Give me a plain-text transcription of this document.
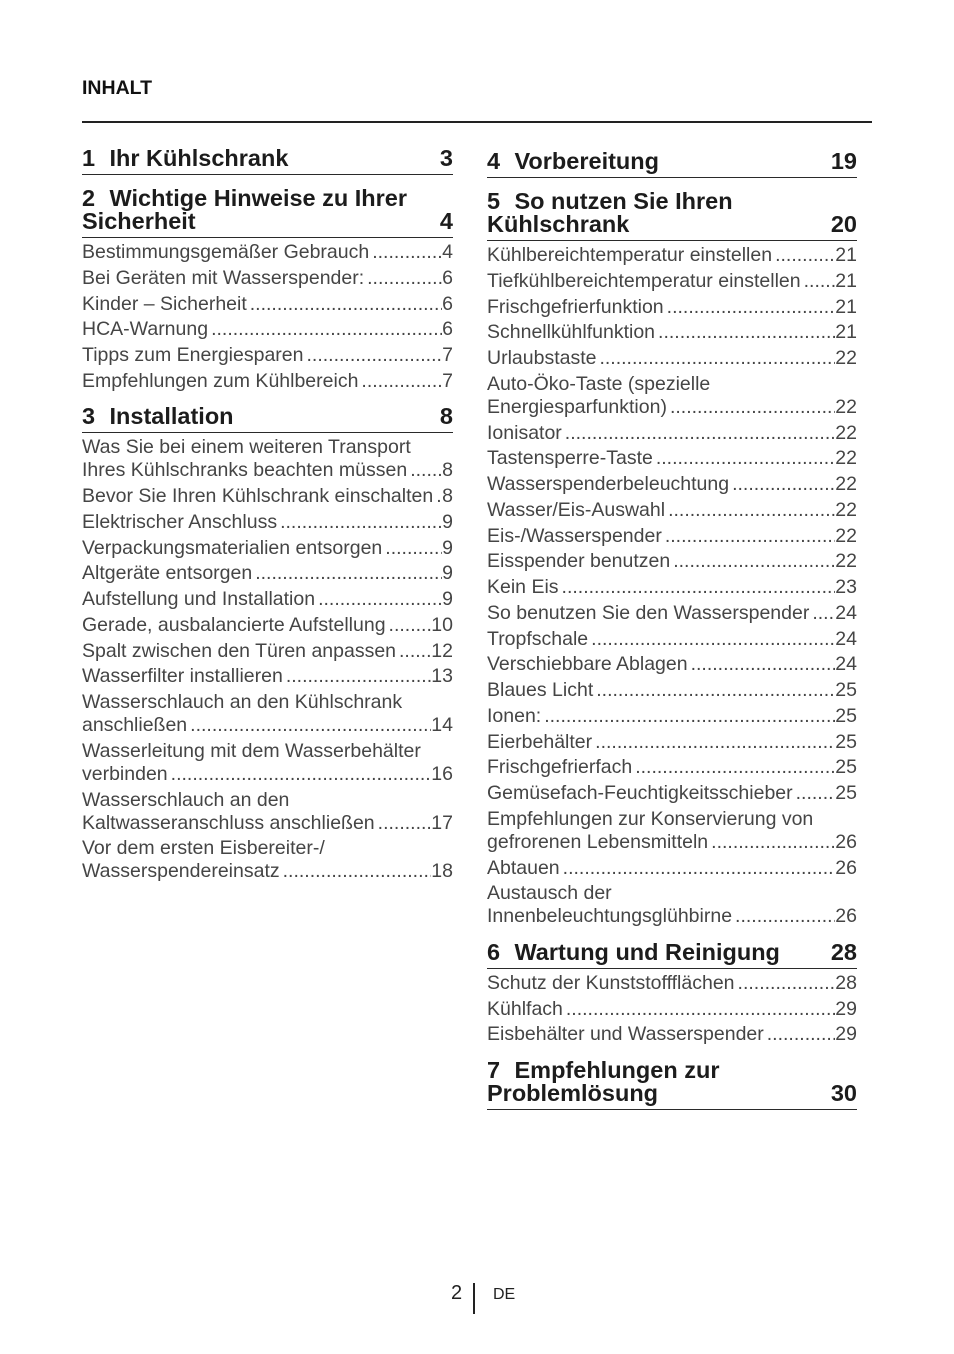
INHALT
1 Ihr Kühlschrank	3
2 Wichtige Hinweise zu Ihrer
Sicherheit	4
Bestimmungsgemäßer Gebrauch .....	4
Bei Geräten mit Wasserspender: .....	6
Kinder – Sicherheit .....	6
HCA-Warnung .....	6
Tipps zum Energiesparen .....	7
Empfehlungen zum Kühlbereich .....	7
3 Installation	8
Was Sie bei einem weiteren Transport
Ihres Kühlschranks beachten müssen ..... 8
Bevor Sie Ihren Kühlschrank einschalten ..... 8
Elektrischer Anschluss .....	9
Verpackungsmaterialien entsorgen .....	9
Altgeräte entsorgen .....	9
Aufstellung und Installation .....	9
Gerade, ausbalancierte Aufstellung ..... 10
Spalt zwischen den Türen anpassen ..... 12
Wasserfilter installieren .....	13
Wasserschlauch an den Kühlschrank
anschließen .....	14
Wasserleitung mit dem Wasserbehälter
verbinden .....	16
Wasserschlauch an den
Kaltwasseranschluss anschließen .....	17
Vor dem ersten Eisbereiter-/
Wasserspendereinsatz .....	18
4 Vorbereitung	19
5 So nutzen Sie Ihren
Kühlschrank	20
Kühlbereichtemperatur einstellen .....	21
Tiefkühlbereichtemperatur einstellen ..... 21
Frischgefrierfunktion .....	21
Schnellkühlfunktion .....	21
Urlaubstaste .....	22
Auto-Öko-Taste (spezielle
Energiesparfunktion) .....	22
Ionisator .....	22
Tastensperre-Taste .....	22
Wasserspenderbeleuchtung .....	22
Wasser/Eis-Auswahl .....	22
Eis-/Wasserspender .....	22
Eisspender benutzen .....	22
Kein Eis .....	23
So benutzen Sie den Wasserspender ..... 24
Tropfschale .....	24
Verschiebbare Ablagen .....	24
Blaues Licht .....	25
Ionen: .....	25
Eierbehälter .....	25
Frischgefrierfach .....	25
Gemüsefach-Feuchtigkeitsschieber ..... 25
Empfehlungen zur Konservierung von
gefrorenen Lebensmitteln .....	26
Abtauen .....	26
Austausch der
Innenbeleuchtungsglühbirne .....	26
6 Wartung und Reinigung	28
Schutz der Kunststoffflächen .....	28
Kühlfach .....	29
Eisbehälter und Wasserspender .....	29
7 Empfehlungen zur
Problemlösung	30
2 DE
